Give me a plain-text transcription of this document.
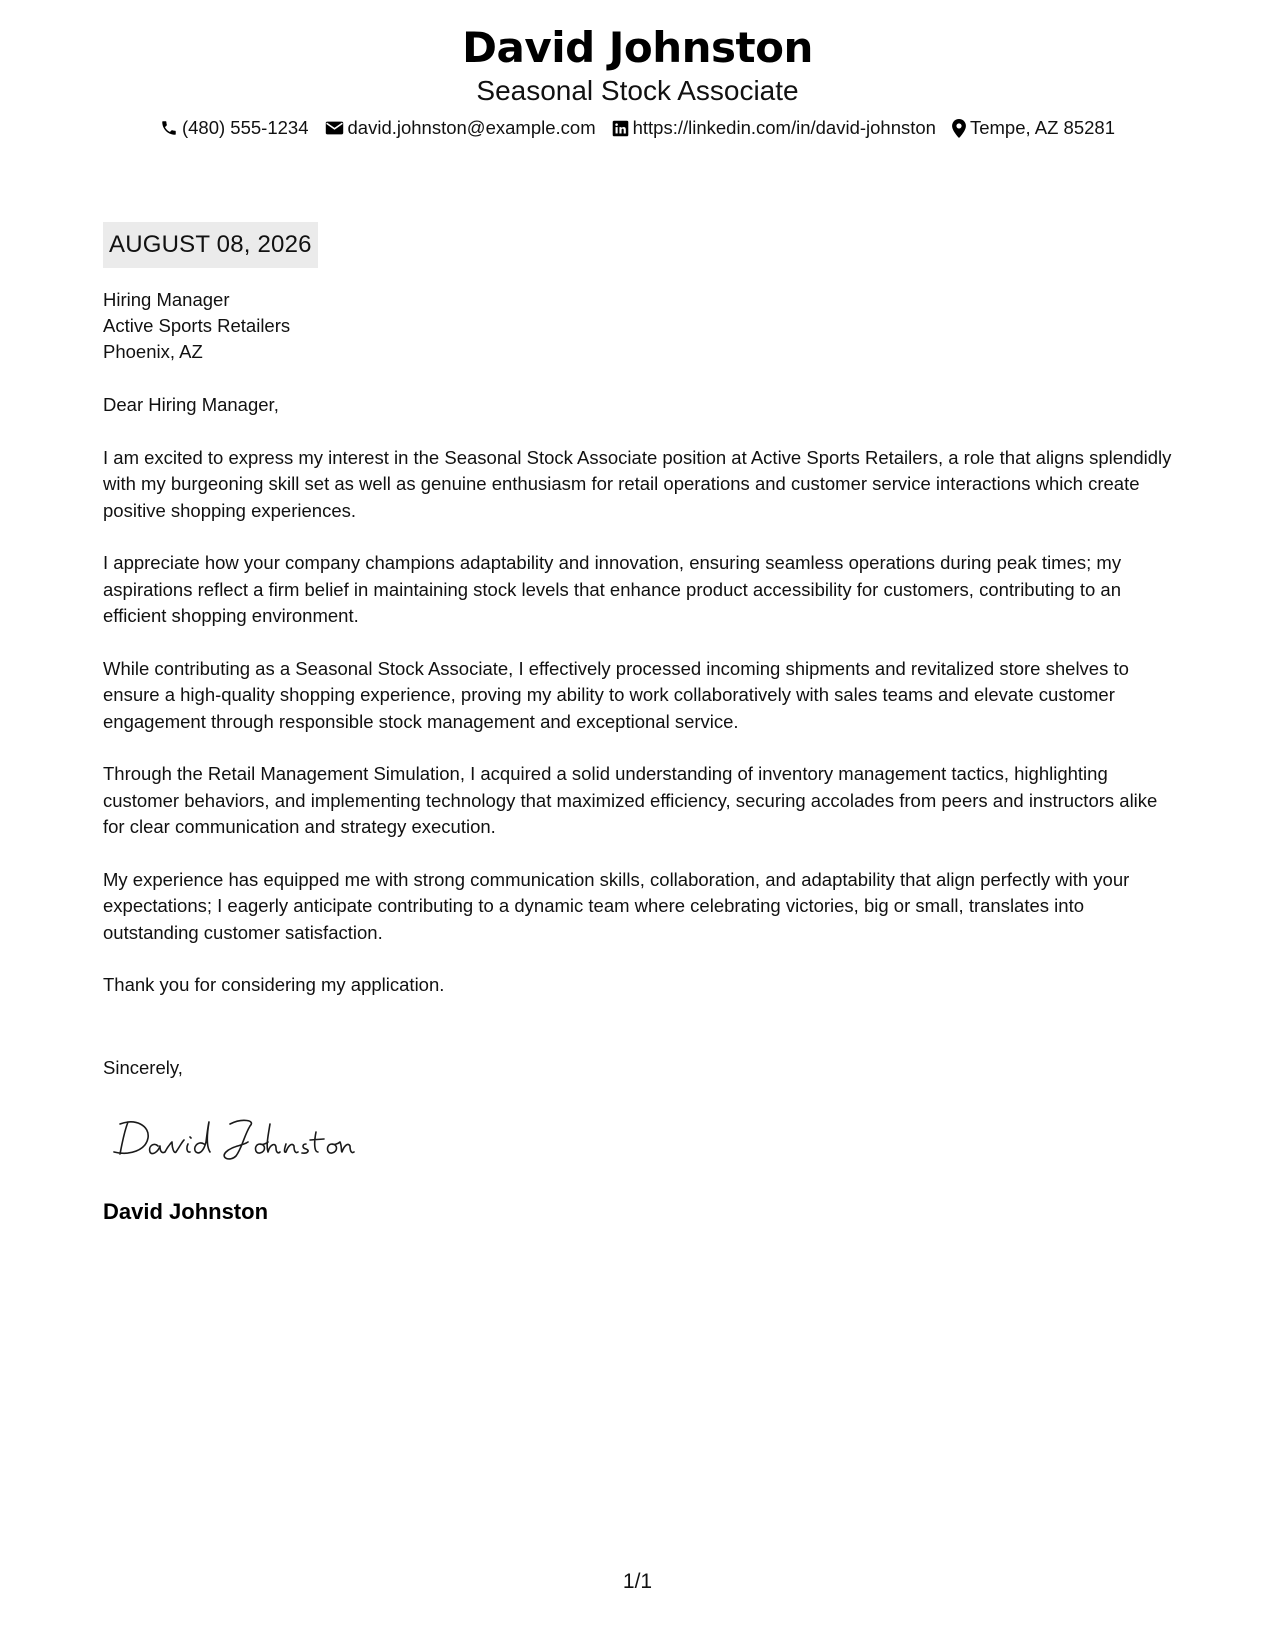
David Johnston
Seasonal Stock Associate
(480) 555-1234 david.johnston@example.com https://linkedin.com/in/david-johnston Tempe, AZ 85281
AUGUST 08, 2026
Hiring Manager
Active Sports Retailers
Phoenix, AZ

Dear Hiring Manager,

I am excited to express my interest in the Seasonal Stock Associate position at Active Sports Retailers, a role that aligns splendidly with my burgeoning skill set as well as genuine enthusiasm for retail operations and customer service interactions which create positive shopping experiences.

I appreciate how your company champions adaptability and innovation, ensuring seamless operations during peak times; my aspirations reflect a firm belief in maintaining stock levels that enhance product accessibility for customers, contributing to an efficient shopping environment.

While contributing as a Seasonal Stock Associate, I effectively processed incoming shipments and revitalized store shelves to ensure a high-quality shopping experience, proving my ability to work collaboratively with sales teams and elevate customer engagement through responsible stock management and exceptional service.

Through the Retail Management Simulation, I acquired a solid understanding of inventory management tactics, highlighting customer behaviors, and implementing technology that maximized efficiency, securing accolades from peers and instructors alike for clear communication and strategy execution.

My experience has equipped me with strong communication skills, collaboration, and adaptability that align perfectly with your expectations; I eagerly anticipate contributing to a dynamic team where celebrating victories, big or small, translates into outstanding customer satisfaction.

Thank you for considering my application.

Sincerely,
David Johnston
1/1
